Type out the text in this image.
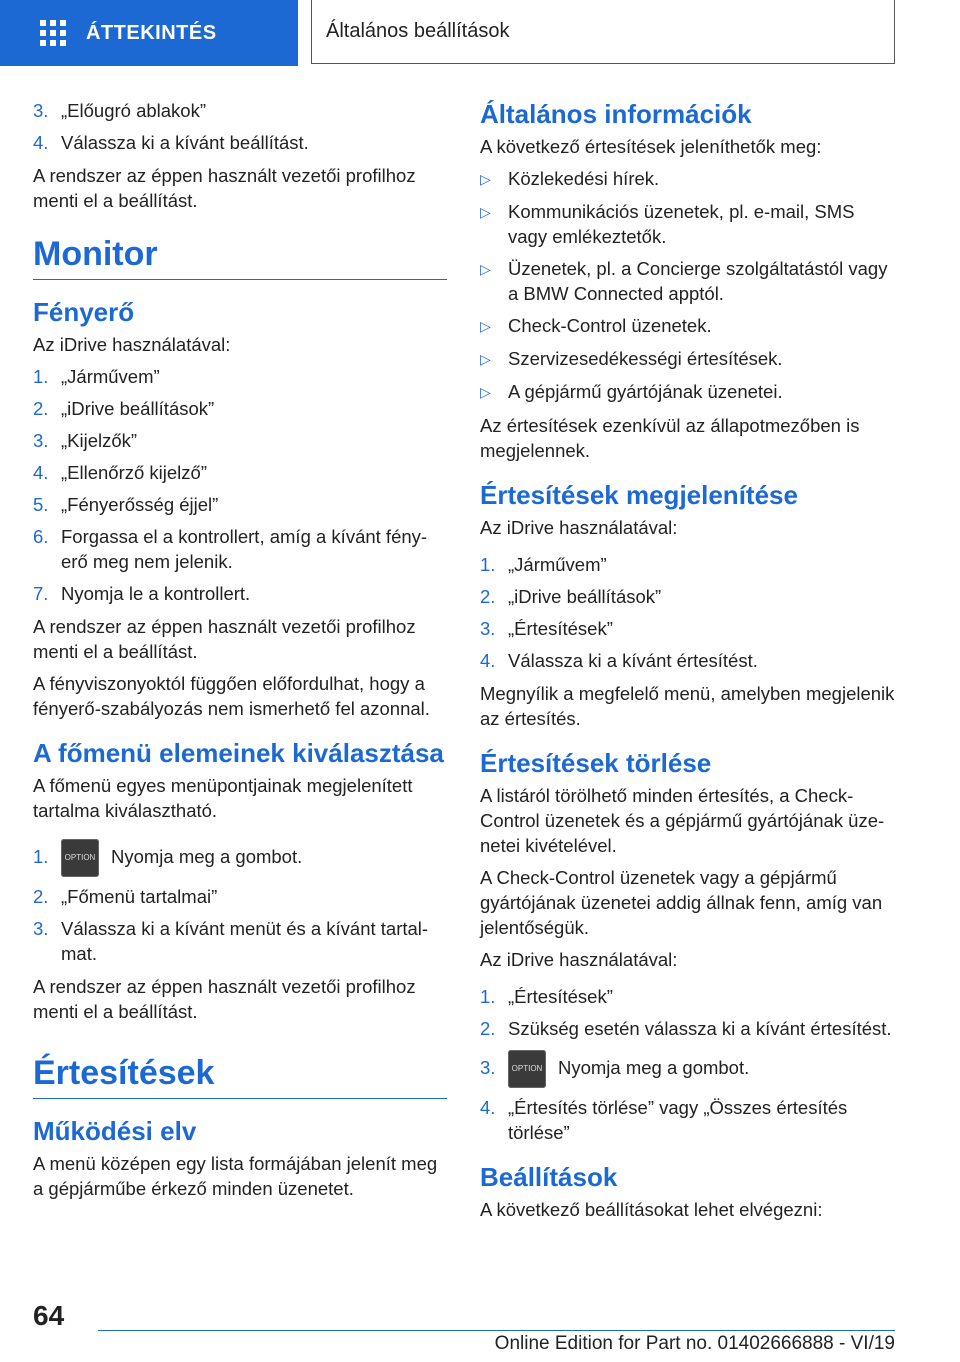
ÁTTEKINTÉS	Általános beállítások
3. „Előugró ablakok”
4. Válassza ki a kívánt beállítást.

A rendszer az éppen használt vezetői profilhoz menti el a beállítást.

Monitor
Fényerő

Az iDrive használatával:

1. „Járművem”
2. „iDrive beállítások”
3. „Kijelzők”
4. „Ellenőrző kijelző”
5. „Fényerősség éjjel”
6. Forgassa el a kontrollert, amíg a kívánt fényerő meg nem jelenik.
7. Nyomja le a kontrollert.

A rendszer az éppen használt vezetői profilhoz menti el a beállítást.

A fényviszonyoktól függően előfordulhat, hogy a fényerő-szabályozás nem ismerhető fel azonnal.

A főmenü elemeinek kiválasztása

A főmenü egyes menüpontjainak megjelenített tartalma kiválasztható.

1.	OPTION Nyomja meg a gombot.
2. „Főmenü tartalmai”
3. Válassza ki a kívánt menüt és a kívánt tartalmat.

A rendszer az éppen használt vezetői profilhoz menti el a beállítást.

Értesítések
Működési elv

A menü középen egy lista formájában jelenít meg a gépjárműbe érkező minden üzenetet.

Általános információk

A következő értesítések jeleníthetők meg:

▷ Közlekedési hírek.
▷ Kommunikációs üzenetek, pl. e-mail, SMS vagy emlékeztetők.
▷ Üzenetek, pl. a Concierge szolgáltatástól vagy a BMW Connected apptól.
▷ Check-Control üzenetek.
▷ Szervizesedékességi értesítések.
▷ A gépjármű gyártójának üzenetei.

Az értesítések ezenkívül az állapotmezőben is megjelennek.

Értesítések megjelenítése

Az iDrive használatával:

1. „Járművem”
2. „iDrive beállítások”
3. „Értesítések”
4. Válassza ki a kívánt értesítést.

Megnyílik a megfelelő menü, amelyben megjelenik az értesítés.

Értesítések törlése

A listáról törölhető minden értesítés, a Check-Control üzenetek és a gépjármű gyártójának üzenetei kivételével.

A Check-Control üzenetek vagy a gépjármű gyártójának üzenetei addig állnak fenn, amíg van jelentőségük.

Az iDrive használatával:

1. „Értesítések”
2. Szükség esetén válassza ki a kívánt értesítést.
3.	OPTION Nyomja meg a gombot.
4. „Értesítés törlése” vagy „Összes értesítés törlése”
Beállítások

A következő beállításokat lehet elvégezni:

64
Online Edition for Part no. 01402666888 - VI/19
